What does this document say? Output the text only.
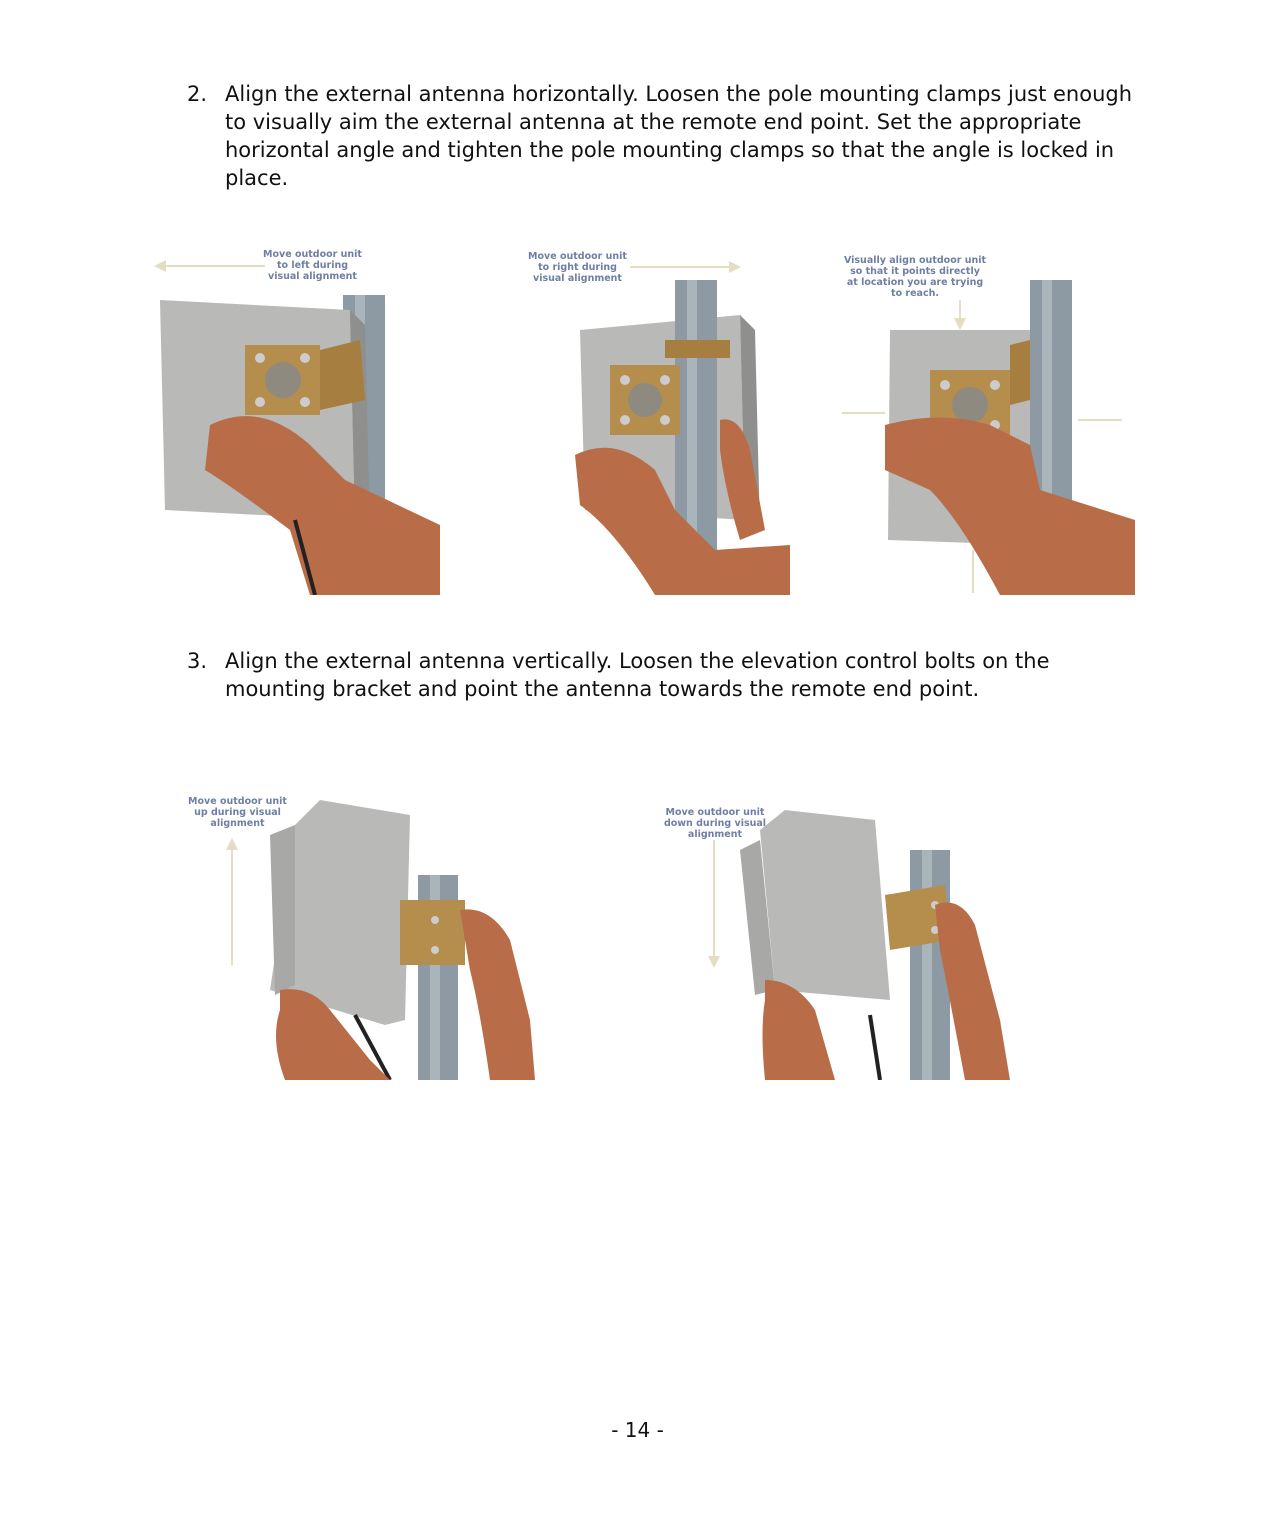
2. Align the external antenna horizontally. Loosen the pole mounting clamps just enough to visually aim the external antenna at the remote end point. Set the appropriate horizontal angle and tighten the pole mounting clamps so that the angle is locked in place.
Move outdoor unit
to left during
visual alignment
Move outdoor unit
to right during
visual alignment
Visually align outdoor unit
so that it points directly
at location you are trying
to reach.
3. Align the external antenna vertically. Loosen the elevation control bolts on the mounting bracket and point the antenna towards the remote end point.
Move outdoor unit
up during visual
alignment
Move outdoor unit
down during visual
alignment
- 14 -
